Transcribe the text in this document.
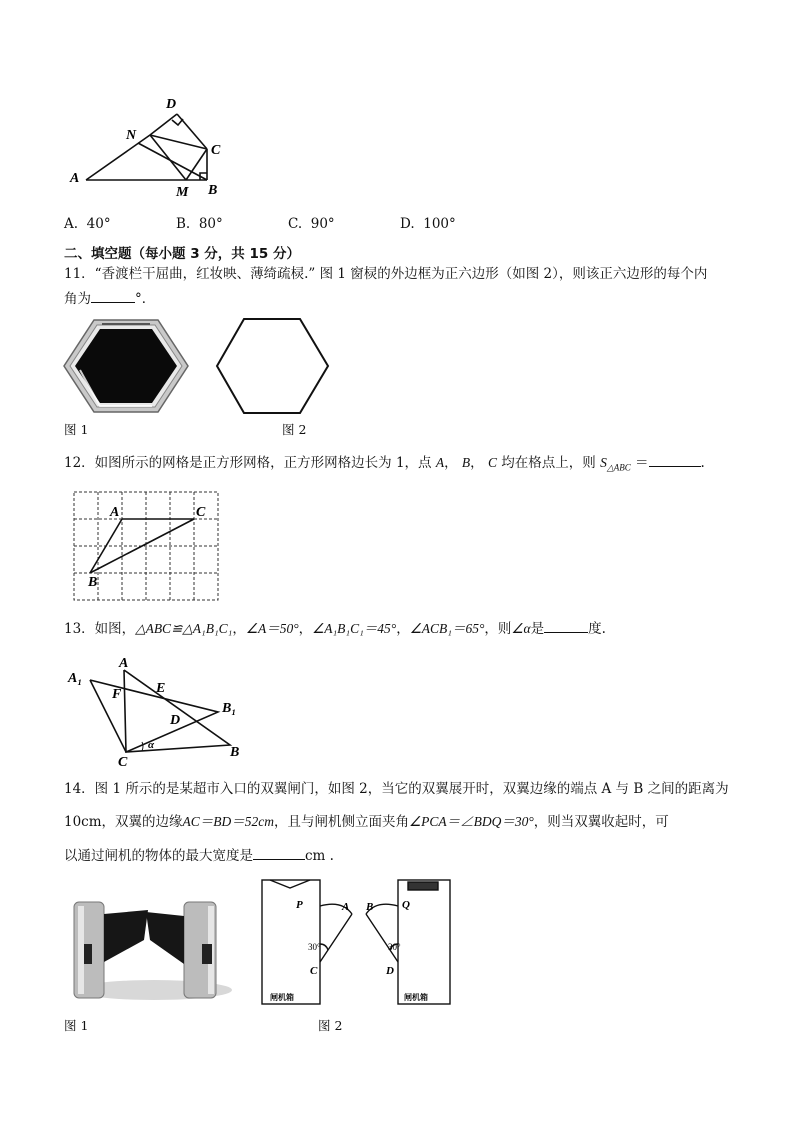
D
N
C
A
M B
A. 40°	B. 80°	C. 90°	D. 100°
二、填空题（每小题 3 分，共 15 分）
11．“香渡栏干屈曲，红妆映、薄绮疏棂.” 图 1 窗棂的外边框为正六边形（如图 2），则该正六边形的每个内
角为	°．
图 1	图 2
12．如图所示的网格是正方形网格，正方形网格边长为 1，点 A， B， C 均在格点上，则 $S_{\triangle ABC}$ ＝	.
A	C
B
13．如图，△ABC≌△A₁B₁C₁，∠A＝50°，∠A₁B₁C₁＝45°，∠ACB₁＝65°，则∠α是	度.
A
A₁
F E
D
B₁
C
α	B
14．图 1 所示的是某超市入口的双翼闸门，如图 2，当它的双翼展开时，双翼边缘的端点 A 与 B 之间的距离为
10cm，双翼的边缘AC＝BD＝52cm，且与闸机侧立面夹角∠PCA＝∠BDQ＝30°，则当双翼收起时，可
以通过闸机的物体的最大宽度是	cm .
P	A B	Q
30°	30°
C	D
闸机箱	闸机箱
图 1	图 2
